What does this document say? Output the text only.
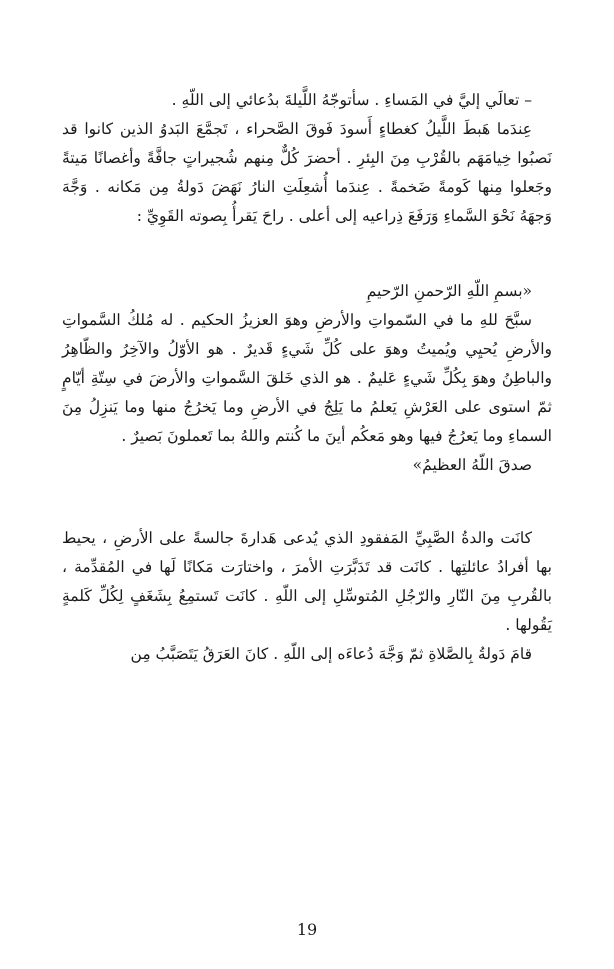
– تعالَي إليَّ في المَساءِ . سأتوجّهُ اللَّيلةَ بدُعائي إلى اللّهِ .

عِندَما هَبطَ اللَّيلُ كغطاءٍ أَسودَ فَوقَ الصَّحراء ، تَجمَّعَ البَدوُ الذين كانوا قد نَصبُوا خِيامَهَم بالقُرْبِ مِنَ البِئرِ . أحضرَ كُلٌّ مِنهم شُجيراتٍ جافَّةً وأغصانًا مَيتةً وجَعلوا مِنها كَومةً ضَخمةً . عِندَما أُشعِلَتِ النارُ نَهَضَ دَولةُ مِن مَكانه . وَجَّهَ وَجهَهُ نَحْوَ السَّماءِ وَرَفَعَ ذِراعيه إلى أعلى . راحَ يَقرأُ بِصوته القَوِيِّ :

«بسمِ اللّهِ الرّحمنِ الرّحيمِ

سبَّحَ للهِ ما في السّمواتِ والأرضِ وهوَ العزيزُ الحكيم . له مُلكُ السَّمواتِ والأرضِ يُحيِي ويُميتُ وهوَ على كُلِّ شَيءٍ قَديرٌ . هو الأوّلُ والآخِرُ والظّاهِرُ والباطِنُ وهوَ بِكُلِّ شَيءٍ عَليمٌ . هو الذي خَلقَ السَّمواتِ والأرضَ في سِتّةِ أيّامٍ ثمّ استوى على العَرْشِ يَعلمُ ما يَلِجُ في الأرضِ وما يَخرُجُ منها وما يَنزِلُ مِنَ السماءِ وما يَعرُجُ فيها وهو مَعكُم أينَ ما كُنتم واللهُ بما تَعملونَ بَصيرٌ .

صدقَ اللّهُ العظيمُ»

كانَت والدةُ الصَّبِيِّ المَفقودِ الذي يُدعى هَدارةَ جالسةً على الأرضِ ، يحيط بها أفرادُ عائلتِها . كانَت قد تَدَبَّرَتِ الأمرَ ، واختارَت مَكانًا لَها في المُقدِّمة ، بالقُربِ مِنَ النّارِ والرّجُلِ المُتوسِّلِ إلى اللّهِ . كانَت تَستمِعُ بِشَغَفٍ لِكُلِّ كَلمةٍ يَقُولها .

قامَ دَولةُ بِالصَّلاةِ ثمّ وَجَّهَ دُعاءَه إلى اللّهِ . كانَ العَرَقُ يَتَصَبَّبُ مِن

19
